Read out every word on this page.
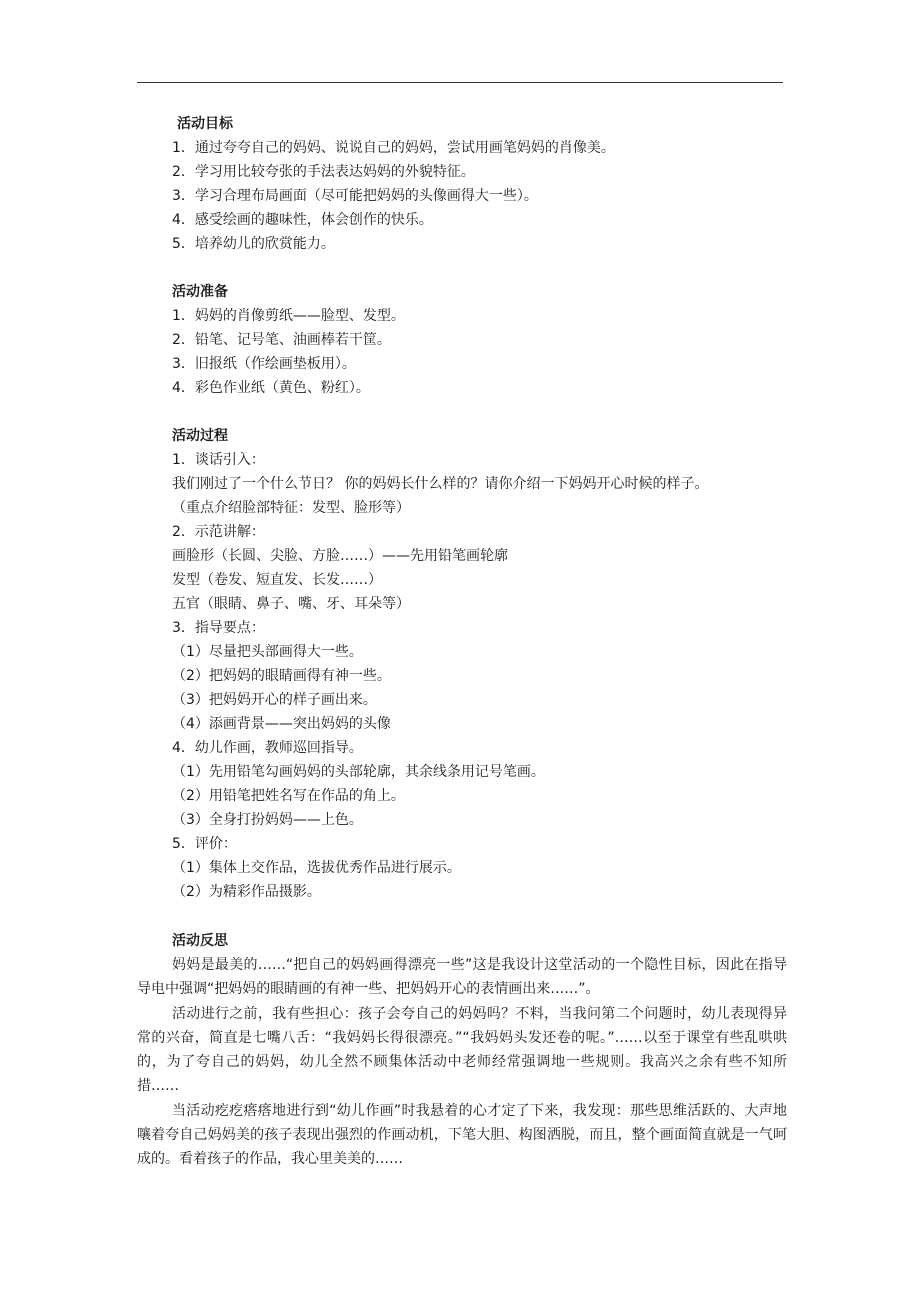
活动目标
1．通过夸夸自己的妈妈、说说自己的妈妈，尝试用画笔妈妈的肖像美。
2．学习用比较夸张的手法表达妈妈的外貌特征。
3．学习合理布局画面（尽可能把妈妈的头像画得大一些）。
4．感受绘画的趣味性，体会创作的快乐。
5．培养幼儿的欣赏能力。
活动准备
1．妈妈的肖像剪纸——脸型、发型。
2．铅笔、记号笔、油画棒若干筐。
3．旧报纸（作绘画垫板用）。
4．彩色作业纸（黄色、粉红）。
活动过程
1．谈话引入：
我们刚过了一个什么节日？ 你的妈妈长什么样的？请你介绍一下妈妈开心时候的样子。
（重点介绍脸部特征：发型、脸形等）
2．示范讲解：
画脸形（长圆、尖脸、方脸……）——先用铅笔画轮廓
发型（卷发、短直发、长发……）
五官（眼睛、鼻子、嘴、牙、耳朵等）
3．指导要点：
（1）尽量把头部画得大一些。
（2）把妈妈的眼睛画得有神一些。
（3）把妈妈开心的样子画出来。
（4）添画背景——突出妈妈的头像
4．幼儿作画，教师巡回指导。
（1）先用铅笔勾画妈妈的头部轮廓，其余线条用记号笔画。
（2）用铅笔把姓名写在作品的角上。
（3）全身打扮妈妈——上色。
5．评价：
（1）集体上交作品，选拔优秀作品进行展示。
（2）为精彩作品摄影。
活动反思
妈妈是最美的……“把自己的妈妈画得漂亮一些”这是我设计这堂活动的一个隐性目标，因此在指导导电中强调“把妈妈的眼睛画的有神一些、把妈妈开心的表情画出来……”。
活动进行之前，我有些担心：孩子会夸自己的妈妈吗？不料，当我问第二个问题时，幼儿表现得异常的兴奋，简直是七嘴八舌：“我妈妈长得很漂亮。”“我妈妈头发还卷的呢。”……以至于课堂有些乱哄哄的，为了夸自己的妈妈，幼儿全然不顾集体活动中老师经常强调地一些规则。我高兴之余有些不知所措……
当活动疙疙瘩瘩地进行到“幼儿作画”时我悬着的心才定了下来，我发现：那些思维活跃的、大声地嚷着夸自己妈妈美的孩子表现出强烈的作画动机，下笔大胆、构图洒脱，而且，整个画面简直就是一气呵成的。看着孩子的作品，我心里美美的……
